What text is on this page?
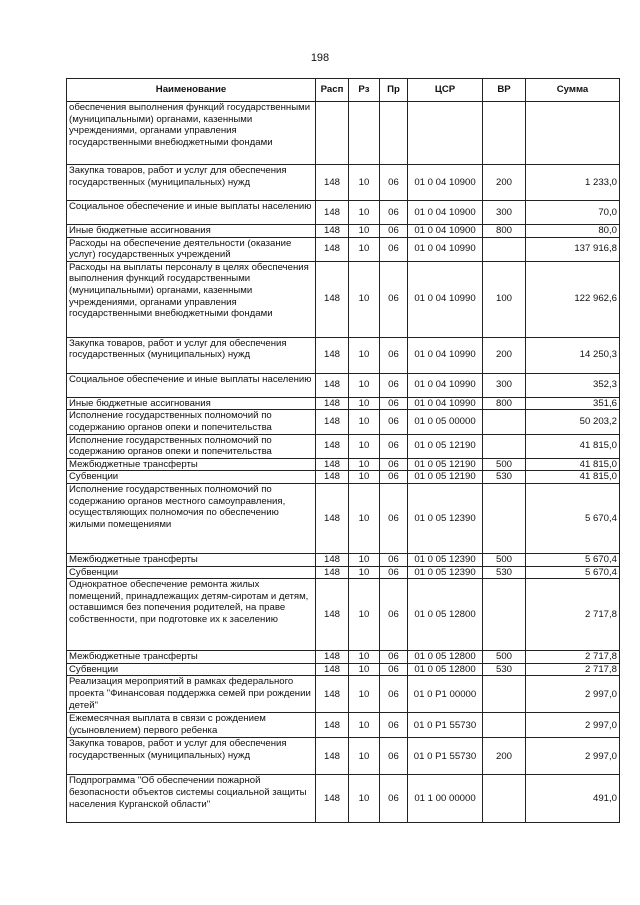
198
Наименование	Расп	Рз	Пр	ЦСР	ВР	Сумма
обеспечения выполнения функций государственными (муниципальными) органами, казенными учреждениями, органами управления государственными внебюджетными фондами						
Закупка товаров, работ и услуг для обеспечения государственных (муниципальных) нужд	148	10	06	01 0 04 10900	200	1 233,0
Социальное обеспечение и иные выплаты населению	148	10	06	01 0 04 10900	300	70,0
Иные бюджетные ассигнования	148	10	06	01 0 04 10900	800	80,0
Расходы на обеспечение деятельности (оказание услуг) государственных учреждений	148	10	06	01 0 04 10990		137 916,8
Расходы на выплаты персоналу в целях обеспечения выполнения функций государственными (муниципальными) органами, казенными учреждениями, органами управления государственными внебюджетными фондами	148	10	06	01 0 04 10990	100	122 962,6
Закупка товаров, работ и услуг для обеспечения государственных (муниципальных) нужд	148	10	06	01 0 04 10990	200	14 250,3
Социальное обеспечение и иные выплаты населению	148	10	06	01 0 04 10990	300	352,3
Иные бюджетные ассигнования	148	10	06	01 0 04 10990	800	351,6
Исполнение государственных полномочий по содержанию органов опеки и попечительства	148	10	06	01 0 05 00000		50 203,2
Исполнение государственных полномочий по содержанию органов опеки и попечительства	148	10	06	01 0 05 12190		41 815,0
Межбюджетные трансферты	148	10	06	01 0 05 12190	500	41 815,0
Субвенции	148	10	06	01 0 05 12190	530	41 815,0
Исполнение государственных полномочий по содержанию органов местного самоуправления, осуществляющих полномочия по обеспечению жилыми помещениями	148	10	06	01 0 05 12390		5 670,4
Межбюджетные трансферты	148	10	06	01 0 05 12390	500	5 670,4
Субвенции	148	10	06	01 0 05 12390	530	5 670,4
Однократное обеспечение ремонта жилых помещений, принадлежащих детям-сиротам и детям, оставшимся без попечения родителей, на праве собственности, при подготовке их к заселению	148	10	06	01 0 05 12800		2 717,8
Межбюджетные трансферты	148	10	06	01 0 05 12800	500	2 717,8
Субвенции	148	10	06	01 0 05 12800	530	2 717,8
Реализация мероприятий в рамках федерального проекта "Финансовая поддержка семей при рождении детей"	148	10	06	01 0 P1 00000		2 997,0
Ежемесячная выплата в связи с рождением (усыновлением) первого ребенка	148	10	06	01 0 P1 55730		2 997,0
Закупка товаров, работ и услуг для обеспечения государственных (муниципальных) нужд	148	10	06	01 0 P1 55730	200	2 997,0
Подпрограмма "Об обеспечении пожарной безопасности объектов системы социальной защиты населения Курганской области"	148	10	06	01 1 00 00000		491,0
